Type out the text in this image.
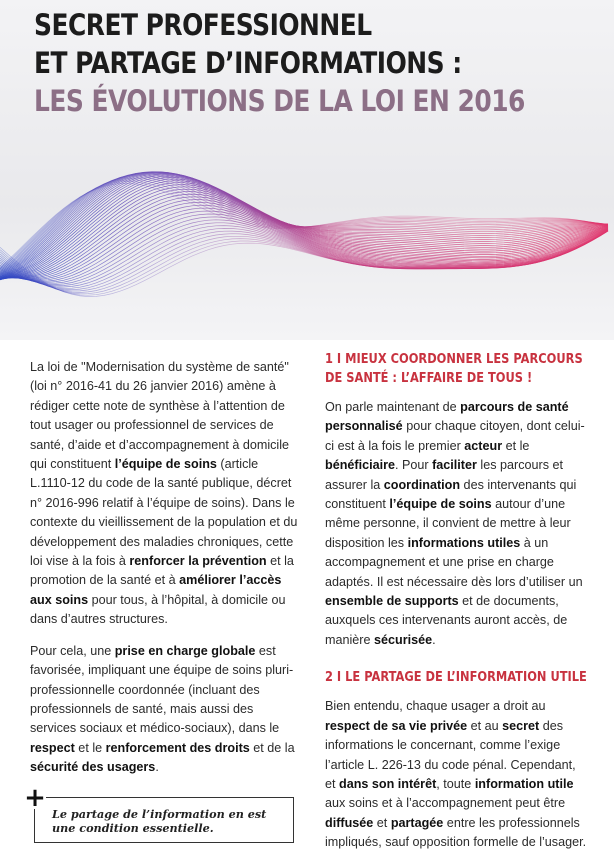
SECRET PROFESSIONNEL
ET PARTAGE D’INFORMATIONS :
LES ÉVOLUTIONS DE LA LOI EN 2016

La loi de "Modernisation du système de santé" (loi n° 2016-41 du 26 janvier 2016) amène à rédiger cette note de synthèse à l’attention de tout usager ou professionnel de services de santé, d’aide et d’accompagnement à domicile qui constituent l’équipe de soins (article L.1110-12 du code de la santé publique, décret n° 2016-996 relatif à l’équipe de soins). Dans le contexte du vieillissement de la population et du développement des maladies chroniques, cette loi vise à la fois à renforcer la prévention et la promotion de la santé et à améliorer l’accès aux soins pour tous, à l’hôpital, à domicile ou dans d’autres structures.

Pour cela, une prise en charge globale est favorisée, impliquant une équipe de soins pluri-professionnelle coordonnée (incluant des professionnels de santé, mais aussi des services sociaux et médico-sociaux), dans le respect et le renforcement des droits et de la sécurité des usagers.

+
Le partage de l’information en est une condition essentielle.
1 I MIEUX COORDONNER LES PARCOURS
DE SANTÉ : L’AFFAIRE DE TOUS !

On parle maintenant de parcours de santé personnalisé pour chaque citoyen, dont celui-ci est à la fois le premier acteur et le bénéficiaire. Pour faciliter les parcours et assurer la coordination des intervenants qui constituent l’équipe de soins autour d’une même personne, il convient de mettre à leur disposition les informations utiles à un accompagnement et une prise en charge adaptés. Il est nécessaire dès lors d’utiliser un ensemble de supports et de documents, auxquels ces intervenants auront accès, de manière sécurisée.

2 I LE PARTAGE DE L’INFORMATION UTILE

Bien entendu, chaque usager a droit au respect de sa vie privée et au secret des informations le concernant, comme l’exige l’article L. 226-13 du code pénal. Cependant, et dans son intérêt, toute information utile aux soins et à l’accompagnement peut être diffusée et partagée entre les professionnels impliqués, sauf opposition formelle de l’usager.
